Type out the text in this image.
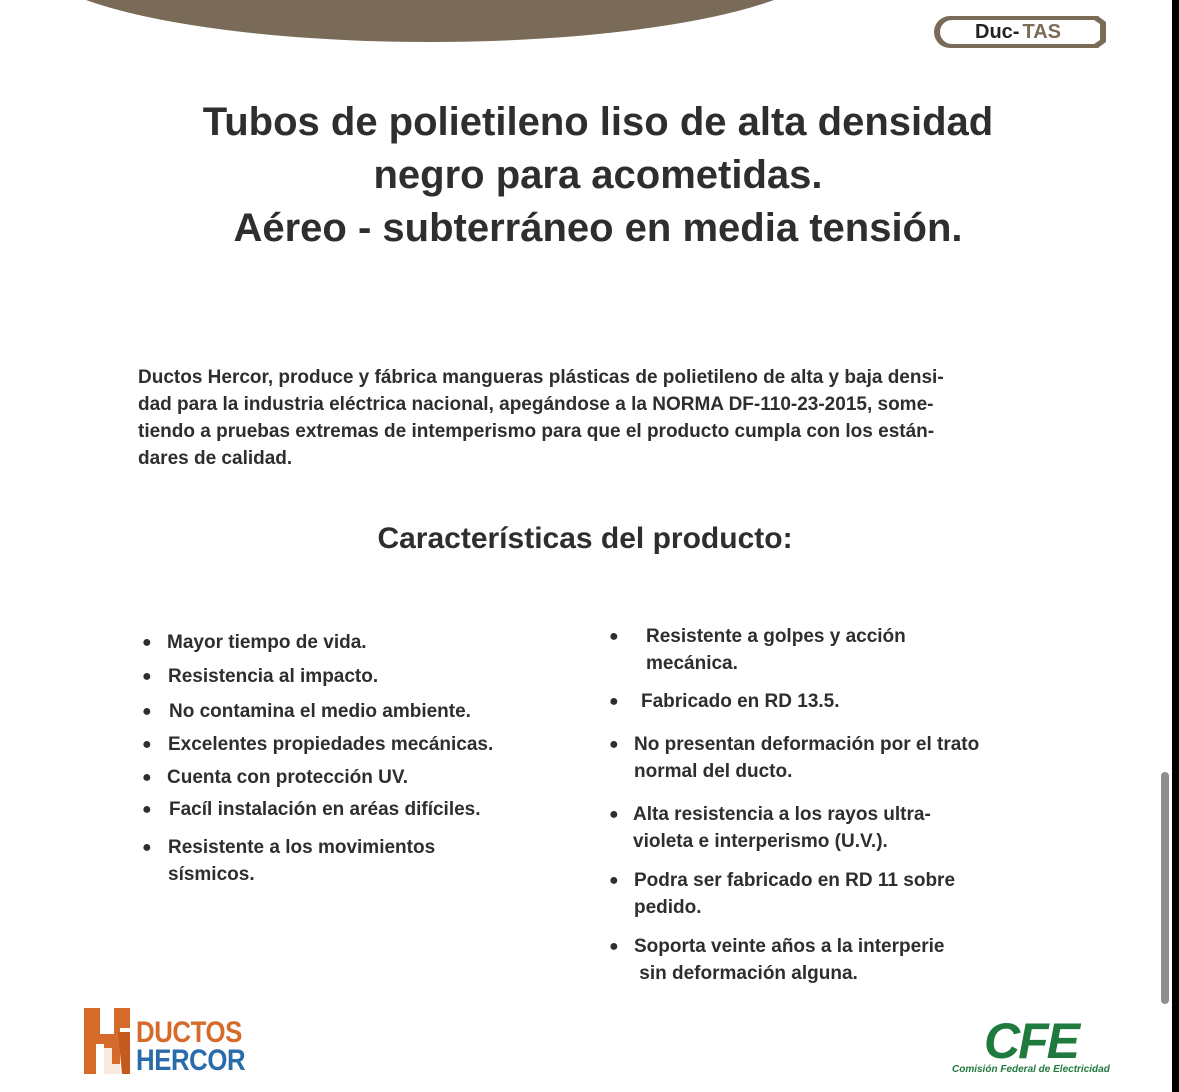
Duc- TAS
Tubos de polietileno liso de alta densidad
negro para acometidas.
Aéreo - subterráneo en media tensión.
Ductos Hercor, produce y fábrica mangueras plásticas de polietileno de alta y baja densi-
dad para la industria eléctrica nacional, apegándose a la NORMA DF-110-23-2015, some-
tiendo a pruebas extremas de intemperismo para que el producto cumpla con los están-
dares de calidad.
Características del producto:
● Mayor tiempo de vida.
● Resistencia al impacto.
● No contamina el medio ambiente.
● Excelentes propiedades mecánicas.
● Cuenta con protección UV.
● Facíl instalación en aréas difíciles.
● Resistente a los movimientos
sísmicos.
● Resistente a golpes y acción
mecánica.
● Fabricado en RD 13.5.
● No presentan deformación por el trato
normal del ducto.
● Alta resistencia a los rayos ultra-
violeta e interperismo (U.V.).
● Podra ser fabricado en RD 11 sobre
pedido.
● Soporta veinte años a la interperie
sin deformación alguna.
DUCTOS
HERCOR	CFE
Comisión Federal de Electricidad
